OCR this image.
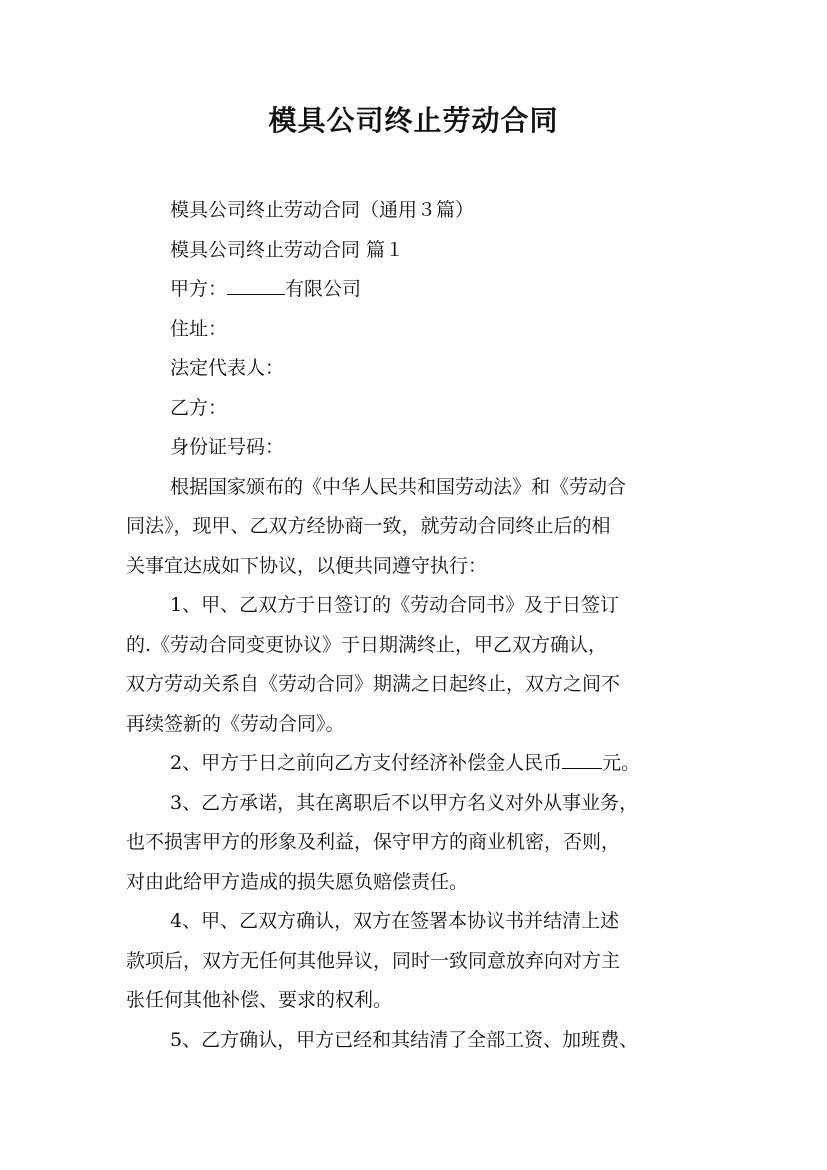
模具公司终止劳动合同
模具公司终止劳动合同（通用３篇）
模具公司终止劳动合同 篇１
甲方：	有限公司
住址：
法定代表人：
乙方：
身份证号码：
根据国家颁布的《中华人民共和国劳动法》和《劳动合
同法》，现甲、乙双方经协商一致，就劳动合同终止后的相
关事宜达成如下协议，以便共同遵守执行：
1、甲、乙双方于日签订的《劳动合同书》及于日签订
的.《劳动合同变更协议》于日期满终止，甲乙双方确认，
双方劳动关系自《劳动合同》期满之日起终止，双方之间不
再续签新的《劳动合同》。
2、甲方于日之前向乙方支付经济补偿金人民币 元。
3、乙方承诺，其在离职后不以甲方名义对外从事业务，
也不损害甲方的形象及利益，保守甲方的商业机密，否则，
对由此给甲方造成的损失愿负赔偿责任。
4、甲、乙双方确认，双方在签署本协议书并结清上述
款项后，双方无任何其他异议，同时一致同意放弃向对方主
张任何其他补偿、要求的权利。
5、乙方确认，甲方已经和其结清了全部工资、加班费、
